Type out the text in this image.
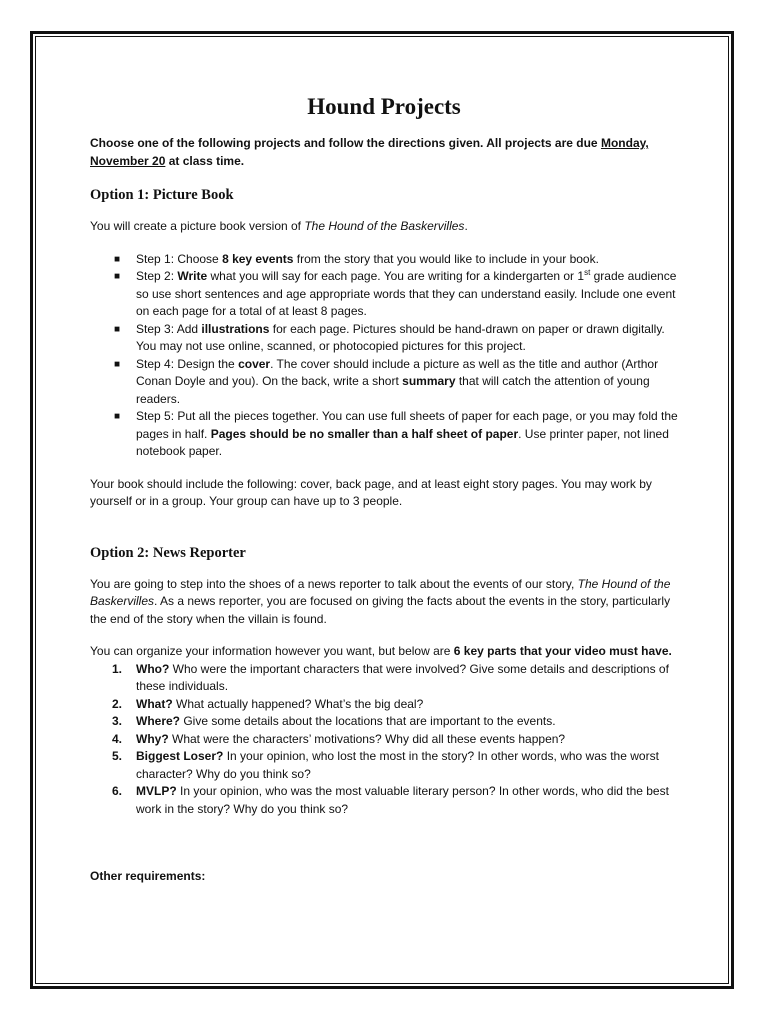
Hound Projects

Choose one of the following projects and follow the directions given. All projects are due Monday, November 20 at class time.

Option 1: Picture Book

You will create a picture book version of The Hound of the Baskervilles.

■ Step 1: Choose 8 key events from the story that you would like to include in your book.
■ Step 2: Write what you will say for each page. You are writing for a kindergarten or 1st grade audience so use short sentences and age appropriate words that they can understand easily. Include one event on each page for a total of at least 8 pages.
■ Step 3: Add illustrations for each page. Pictures should be hand-drawn on paper or drawn digitally. You may not use online, scanned, or photocopied pictures for this project.
■ Step 4: Design the cover. The cover should include a picture as well as the title and author (Arthor Conan Doyle and you). On the back, write a short summary that will catch the attention of young readers.
■ Step 5: Put all the pieces together. You can use full sheets of paper for each page, or you may fold the pages in half. Pages should be no smaller than a half sheet of paper. Use printer paper, not lined notebook paper.

Your book should include the following: cover, back page, and at least eight story pages. You may work by yourself or in a group. Your group can have up to 3 people.

Option 2: News Reporter

You are going to step into the shoes of a news reporter to talk about the events of our story, The Hound of the Baskervilles. As a news reporter, you are focused on giving the facts about the events in the story, particularly the end of the story when the villain is found.

You can organize your information however you want, but below are 6 key parts that your video must have.

1. Who? Who were the important characters that were involved? Give some details and descriptions of these individuals.
2. What? What actually happened? What’s the big deal?
3. Where? Give some details about the locations that are important to the events.
4. Why? What were the characters’ motivations? Why did all these events happen?
5. Biggest Loser? In your opinion, who lost the most in the story? In other words, who was the worst character? Why do you think so?
6. MVLP? In your opinion, who was the most valuable literary person? In other words, who did the best work in the story? Why do you think so?

Other requirements:
